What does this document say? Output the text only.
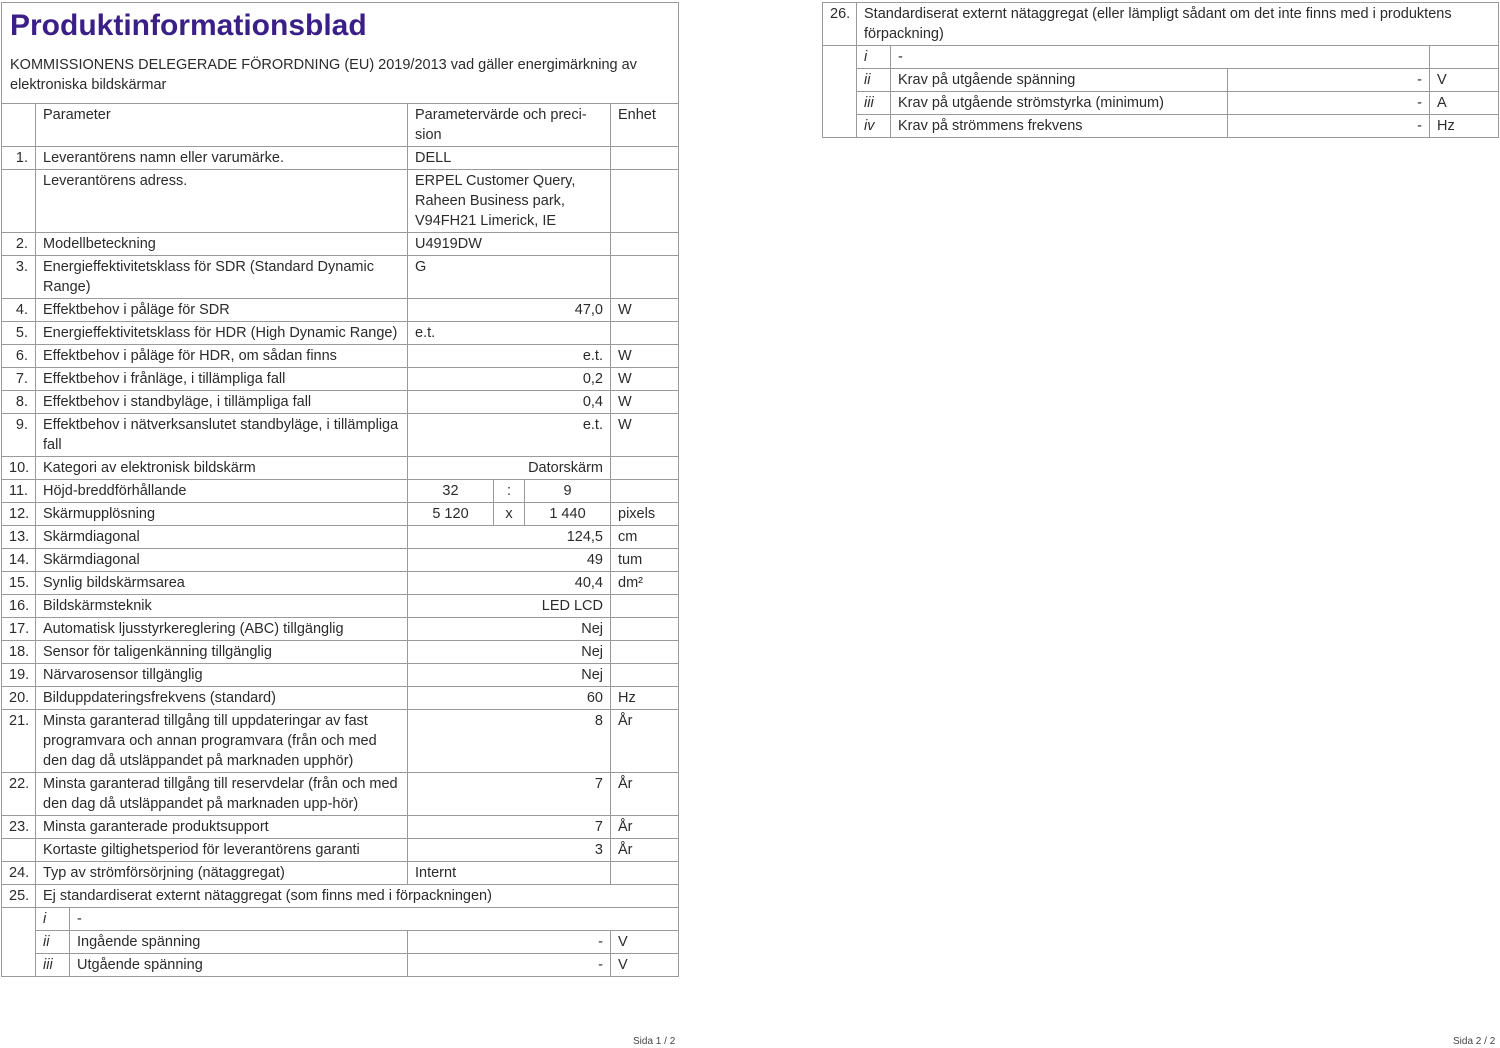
Produktinformationsblad
KOMMISSIONENS DELEGERADE FÖRORDNING (EU) 2019/2013 vad gäller energimärkning av elektroniska bildskärmar						

	Parameter		Parametervärde och preci-
sion			Enhet
1.	Leverantörens namn eller varumärke.		DELL			
	Leverantörens adress.		ERPEL Customer Query,
Raheen Business park,
V94FH21 Limerick, IE			
2.	Modellbeteckning		U4919DW			
3.	Energieffektivitetsklass för SDR (Standard Dynamic Range)		G			
4.	Effektbehov i påläge för SDR		47,0			W
5.	Energieffektivitetsklass för HDR (High Dynamic Range)		e.t.			
6.	Effektbehov i påläge för HDR, om sådan finns		e.t.			W
7.	Effektbehov i frånläge, i tillämpliga fall		0,2			W
8.	Effektbehov i standbyläge, i tillämpliga fall		0,4			W
9.	Effektbehov i nätverksanslutet standbyläge, i tillämpliga fall		e.t.			W
10.	Kategori av elektronisk bildskärm		Datorskärm			
11.	Höjd-breddförhållande		32	:	9	
12.	Skärmupplösning		5 120	x	1 440	pixels
13.	Skärmdiagonal		124,5			cm
14.	Skärmdiagonal		49			tum
15.	Synlig bildskärmsarea		40,4			dm²
16.	Bildskärmsteknik		LED LCD			
17.	Automatisk ljusstyrkereglering (ABC) tillgänglig		Nej			
18.	Sensor för taligenkänning tillgänglig		Nej			
19.	Närvarosensor tillgänglig		Nej			
20.	Bilduppdateringsfrekvens (standard)		60			Hz
21.	Minsta garanterad tillgång till uppdateringar av fast programvara och annan programvara (från och med den dag då utsläppandet på marknaden upphör)		8			År
22.	Minsta garanterad tillgång till reservdelar (från och med den dag då utsläppandet på marknaden upp-hör)		7			År
23.	Minsta garanterade produktsupport		7			År
	Kortaste giltighetsperiod för leverantörens garanti		3			År
24.	Typ av strömförsörjning (nätaggregat)		Internt			
25.	Ej standardiserat externt nätaggregat (som finns med i förpackningen)					
	i	-				
	ii	Ingående spänning	-			V
	iii	Utgående spänning	-			V
Sida 1 / 2
26.	Standardiserat externt nätaggregat (eller lämpligt sådant om det inte finns med i produktens förpackning)			
	i	-		
	ii	Krav på utgående spänning	-	V
	iii	Krav på utgående strömstyrka (minimum)	-	A
	iv	Krav på strömmens frekvens	-	Hz
Sida 2 / 2
